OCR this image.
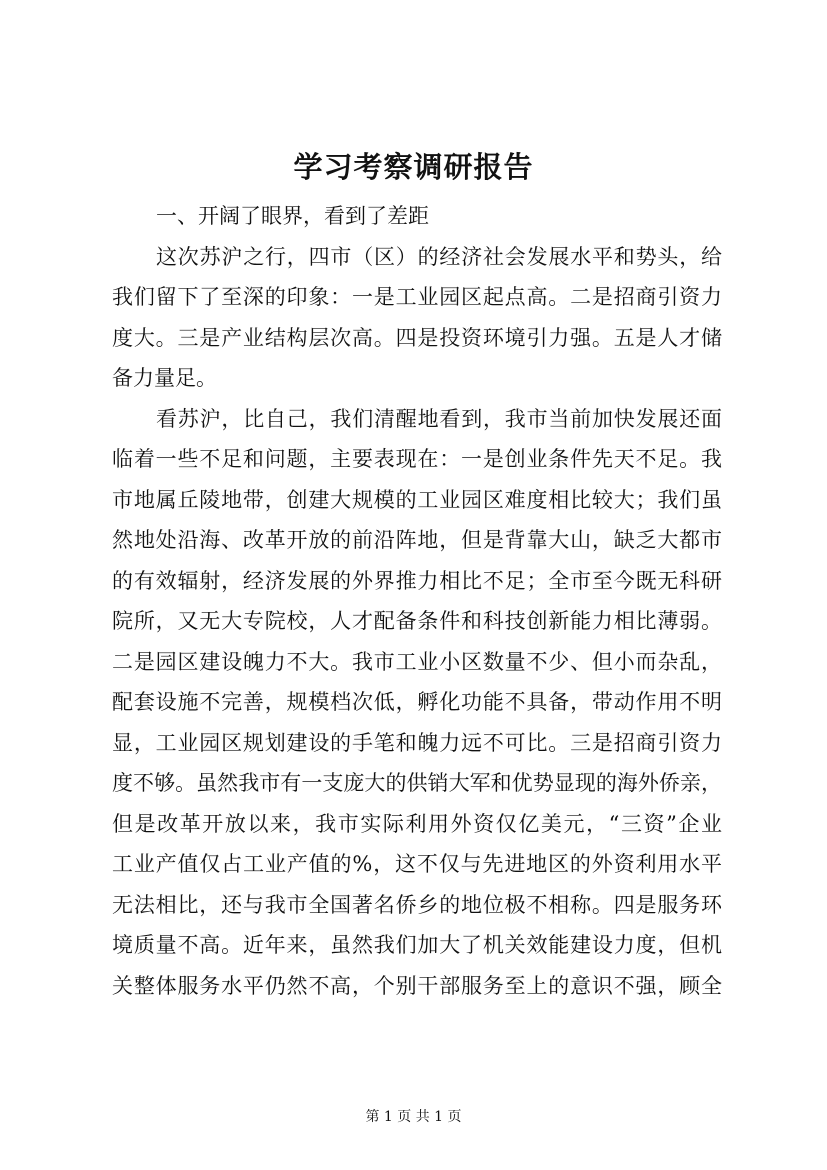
学习考察调研报告
一、开阔了眼界，看到了差距
这次苏沪之行，四市（区）的经济社会发展水平和势头，给
我们留下了至深的印象：一是工业园区起点高。二是招商引资力
度大。三是产业结构层次高。四是投资环境引力强。五是人才储
备力量足。
看苏沪，比自己，我们清醒地看到，我市当前加快发展还面
临着一些不足和问题，主要表现在：一是创业条件先天不足。我
市地属丘陵地带，创建大规模的工业园区难度相比较大；我们虽
然地处沿海、改革开放的前沿阵地，但是背靠大山，缺乏大都市
的有效辐射，经济发展的外界推力相比不足；全市至今既无科研
院所，又无大专院校，人才配备条件和科技创新能力相比薄弱。
二是园区建设魄力不大。我市工业小区数量不少、但小而杂乱，
配套设施不完善，规模档次低，孵化功能不具备，带动作用不明
显，工业园区规划建设的手笔和魄力远不可比。三是招商引资力
度不够。虽然我市有一支庞大的供销大军和优势显现的海外侨亲，
但是改革开放以来，我市实际利用外资仅亿美元，“三资”企业
工业产值仅占工业产值的%，这不仅与先进地区的外资利用水平
无法相比，还与我市全国著名侨乡的地位极不相称。四是服务环
境质量不高。近年来，虽然我们加大了机关效能建设力度，但机
关整体服务水平仍然不高，个别干部服务至上的意识不强，顾全
第 1 页 共 1 页
